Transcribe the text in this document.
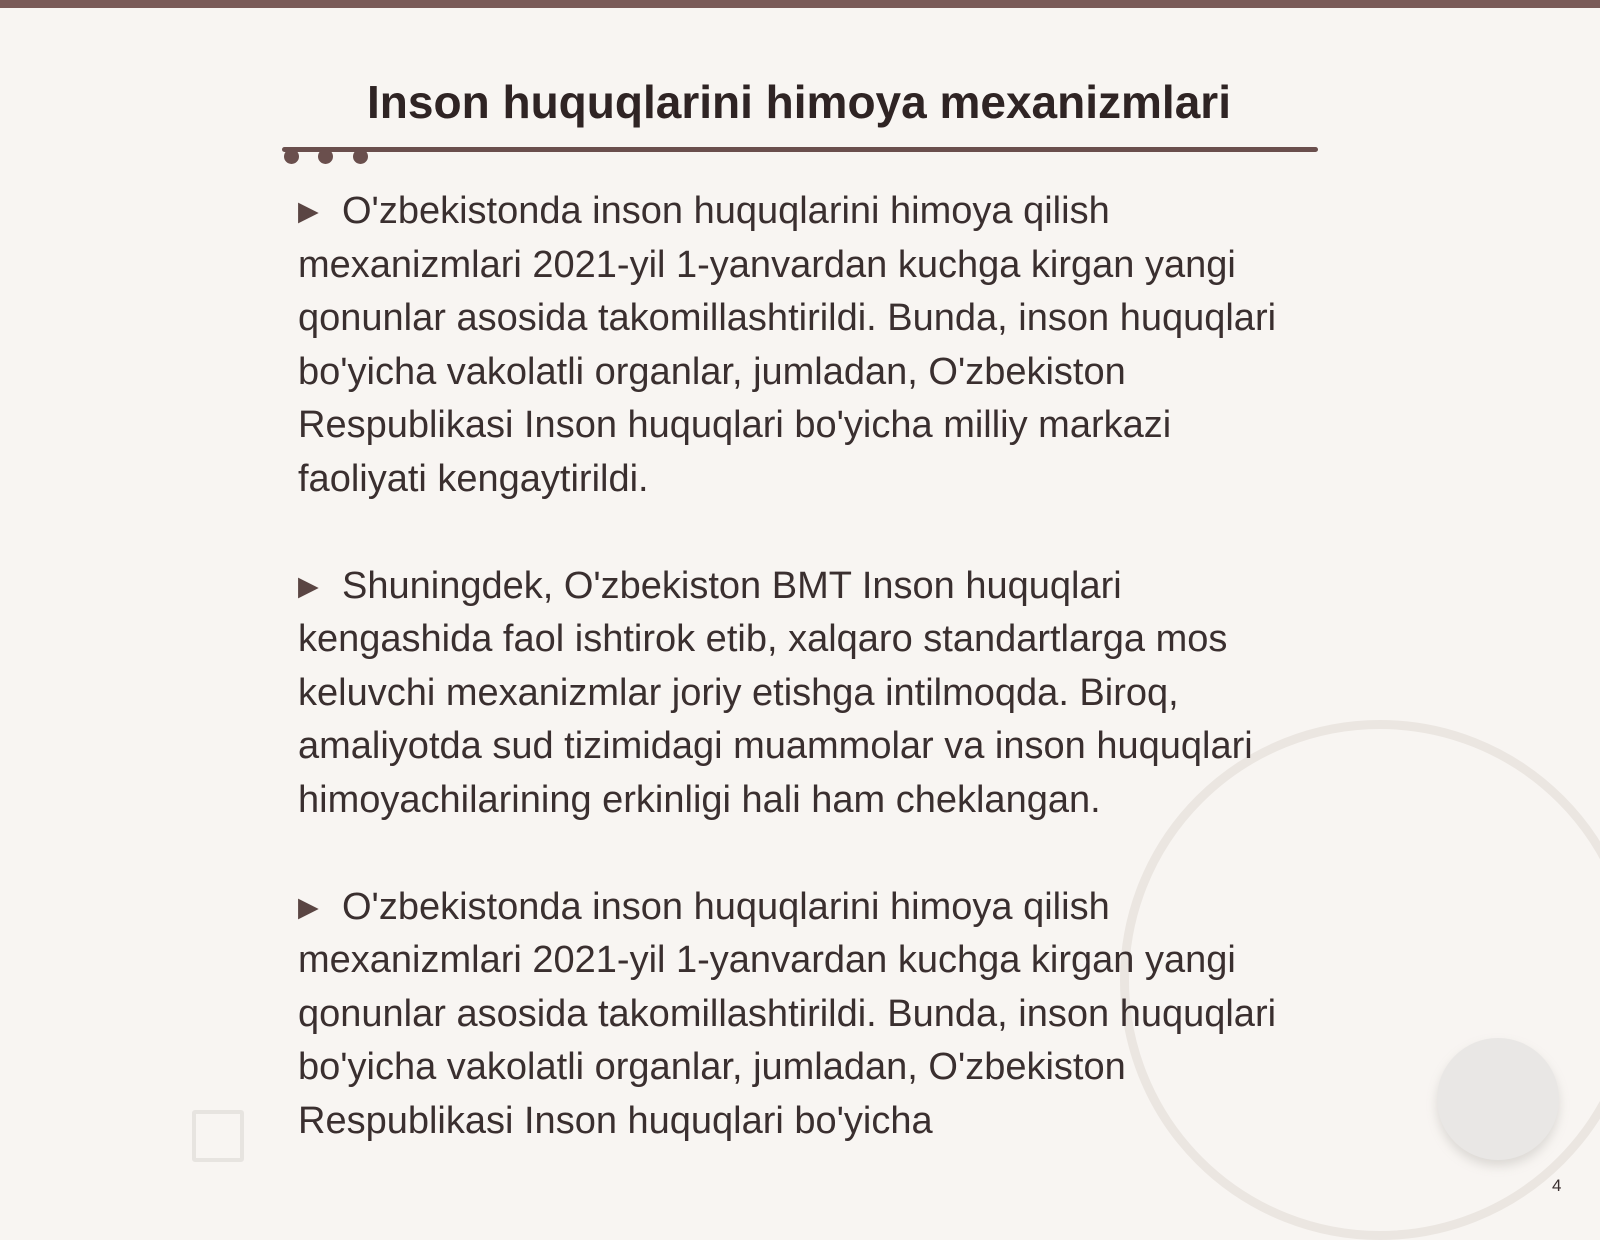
Inson huquqlarini himoya mexanizmlari

▶ O'zbekistonda inson huquqlarini himoya qilish mexanizmlari 2021-yil 1-yanvardan kuchga kirgan yangi qonunlar asosida takomillashtirildi. Bunda, inson huquqlari bo'yicha vakolatli organlar, jumladan, O'zbekiston Respublikasi Inson huquqlari bo'yicha milliy markazi faoliyati kengaytirildi.

▶ Shuningdek, O'zbekiston BMT Inson huquqlari kengashida faol ishtirok etib, xalqaro standartlarga mos keluvchi mexanizmlar joriy etishga intilmoqda. Biroq, amaliyotda sud tizimidagi muammolar va inson huquqlari himoyachilarining erkinligi hali ham cheklangan.

▶ O'zbekistonda inson huquqlarini himoya qilish mexanizmlari 2021-yil 1-yanvardan kuchga kirgan yangi qonunlar asosida takomillashtirildi. Bunda, inson huquqlari bo'yicha vakolatli organlar, jumladan, O'zbekiston Respublikasi Inson huquqlari bo'yicha

4
